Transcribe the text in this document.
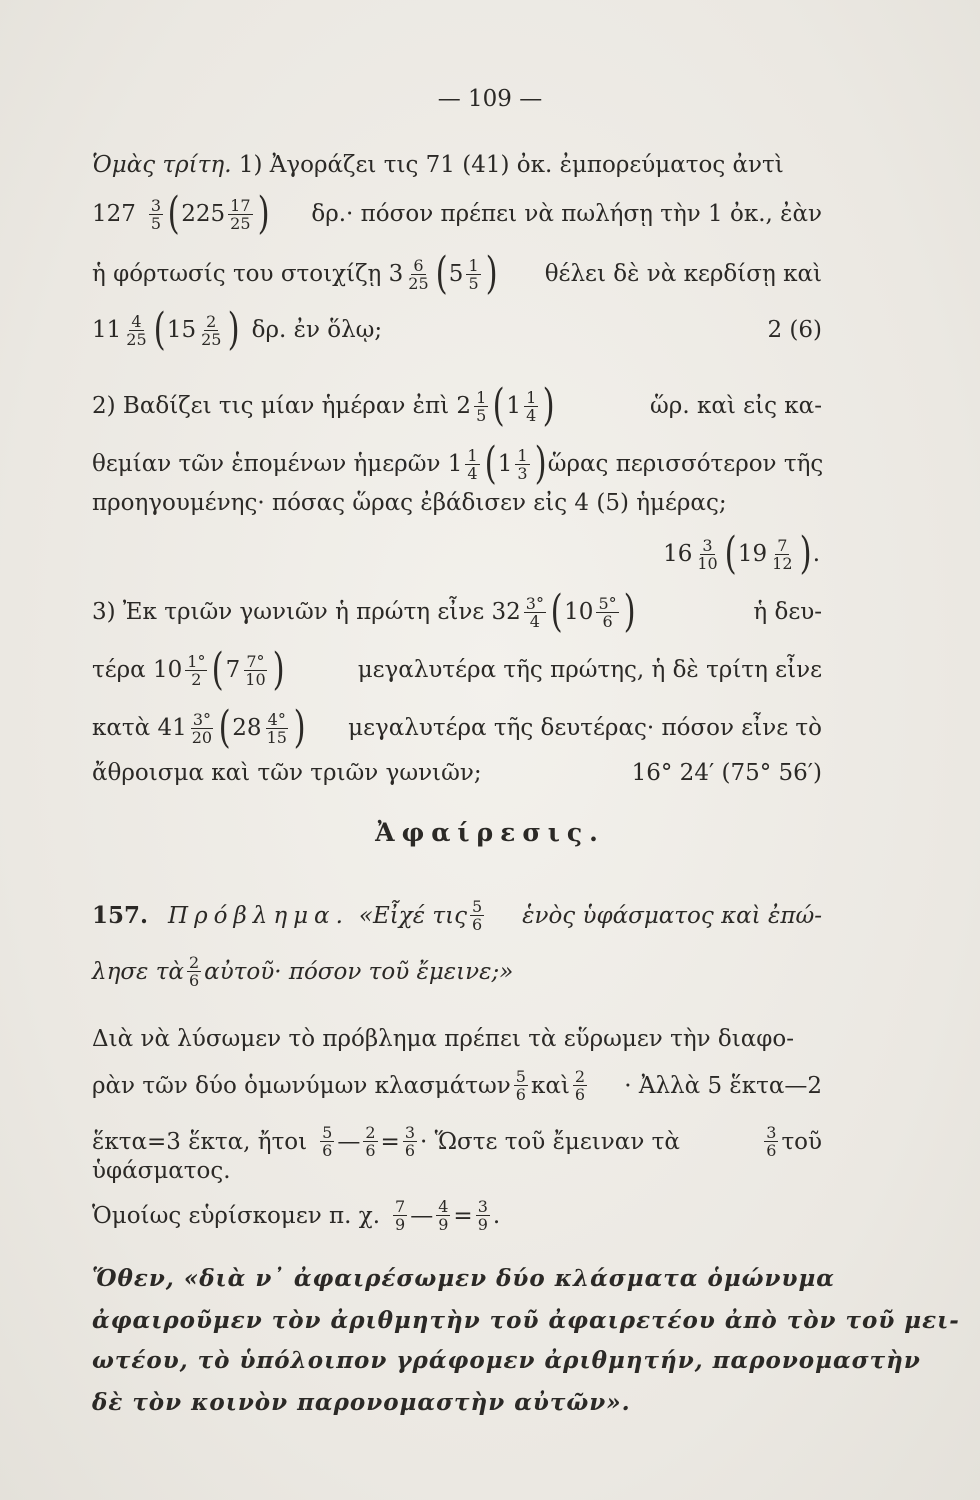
— 109 —
Ὁμὰς τρίτη. 1) Ἀγοράζει τις 71 (41) ὀκ. ἐμπορεύματος ἀντὶ
127 3
5 ( 225 17
25 ) δρ.· πόσον πρέπει νὰ πωλήσῃ τὴν 1 ὀκ., ἐὰν
ἡ φόρτωσίς του στοιχίζῃ 3 6
25 ( 5 1
5 ) θέλει δὲ νὰ κερδίσῃ καὶ
11 4
25 ( 15 2
25 ) δρ. ἐν ὅλῳ;	2 (6)
2) Βαδίζει τις μίαν ἡμέραν ἐπὶ 2 1
5 ( 1 1
4 )	ὥρ. καὶ εἰς κα-
θεμίαν τῶν ἑπομένων ἡμερῶν 1 1
4 ( 1 1
3 ) ὥρας περισσότερον τῆς
προηγουμένης· πόσας ὥρας ἐβάδισεν εἰς 4 (5) ἡμέρας;
16 3
10 ( 19 7
12 ) .
3) Ἐκ τριῶν γωνιῶν ἡ πρώτη εἶνε 32 3°
4 ( 10 5°
6 )	ἡ δευ-
τέρα 10 1°
2 ( 7 7°
10 )	μεγαλυτέρα τῆς πρώτης, ἡ δὲ τρίτη εἶνε
κατὰ 41 3°
20 ( 28 4°
15 ) μεγαλυτέρα τῆς δευτέρας· πόσον εἶνε τὸ
ἄθροισμα καὶ τῶν τριῶν γωνιῶν;	16° 24′ (75° 56′)
Ἀφαίρεσις.
157. Πρόβλημα. «Εἶχέ τις 5
6 ἑνὸς ὑφάσματος καὶ ἐπώ-
λησε τὰ 2
6 αὐτοῦ· πόσον τοῦ ἔμεινε;»
Διὰ νὰ λύσωμεν τὸ πρόβλημα πρέπει τὰ εὕρωμεν τὴν διαφο-
ρὰν τῶν δύο ὁμωνύμων κλασμάτων 5
6 καὶ 2
6 · Ἀλλὰ 5 ἕκτα—2
ἕκτα=3 ἕκτα, ἤτοι 5
6 — $\frac{2}{6} = \frac{3}{6}$ · Ὥστε τοῦ ἔμειναν τὰ	3
6 τοῦ
ὑφάσματος.
Ὁμοίως εὑρίσκομεν π. χ. 7
9 — $\frac{4}{9} = \frac{3}{9}$ .
Ὅθεν, «διὰ ν᾿ ἀφαιρέσωμεν δύο κλάσματα ὁμώνυμα
ἀφαιροῦμεν τὸν ἀριθμητὴν τοῦ ἀφαιρετέου ἀπὸ τὸν τοῦ μει-
ωτέου, τὸ ὑπόλοιπον γράφομεν ἀριθμητήν, παρονομαστὴν
δὲ τὸν κοινὸν παρονομαστὴν αὐτῶν».
